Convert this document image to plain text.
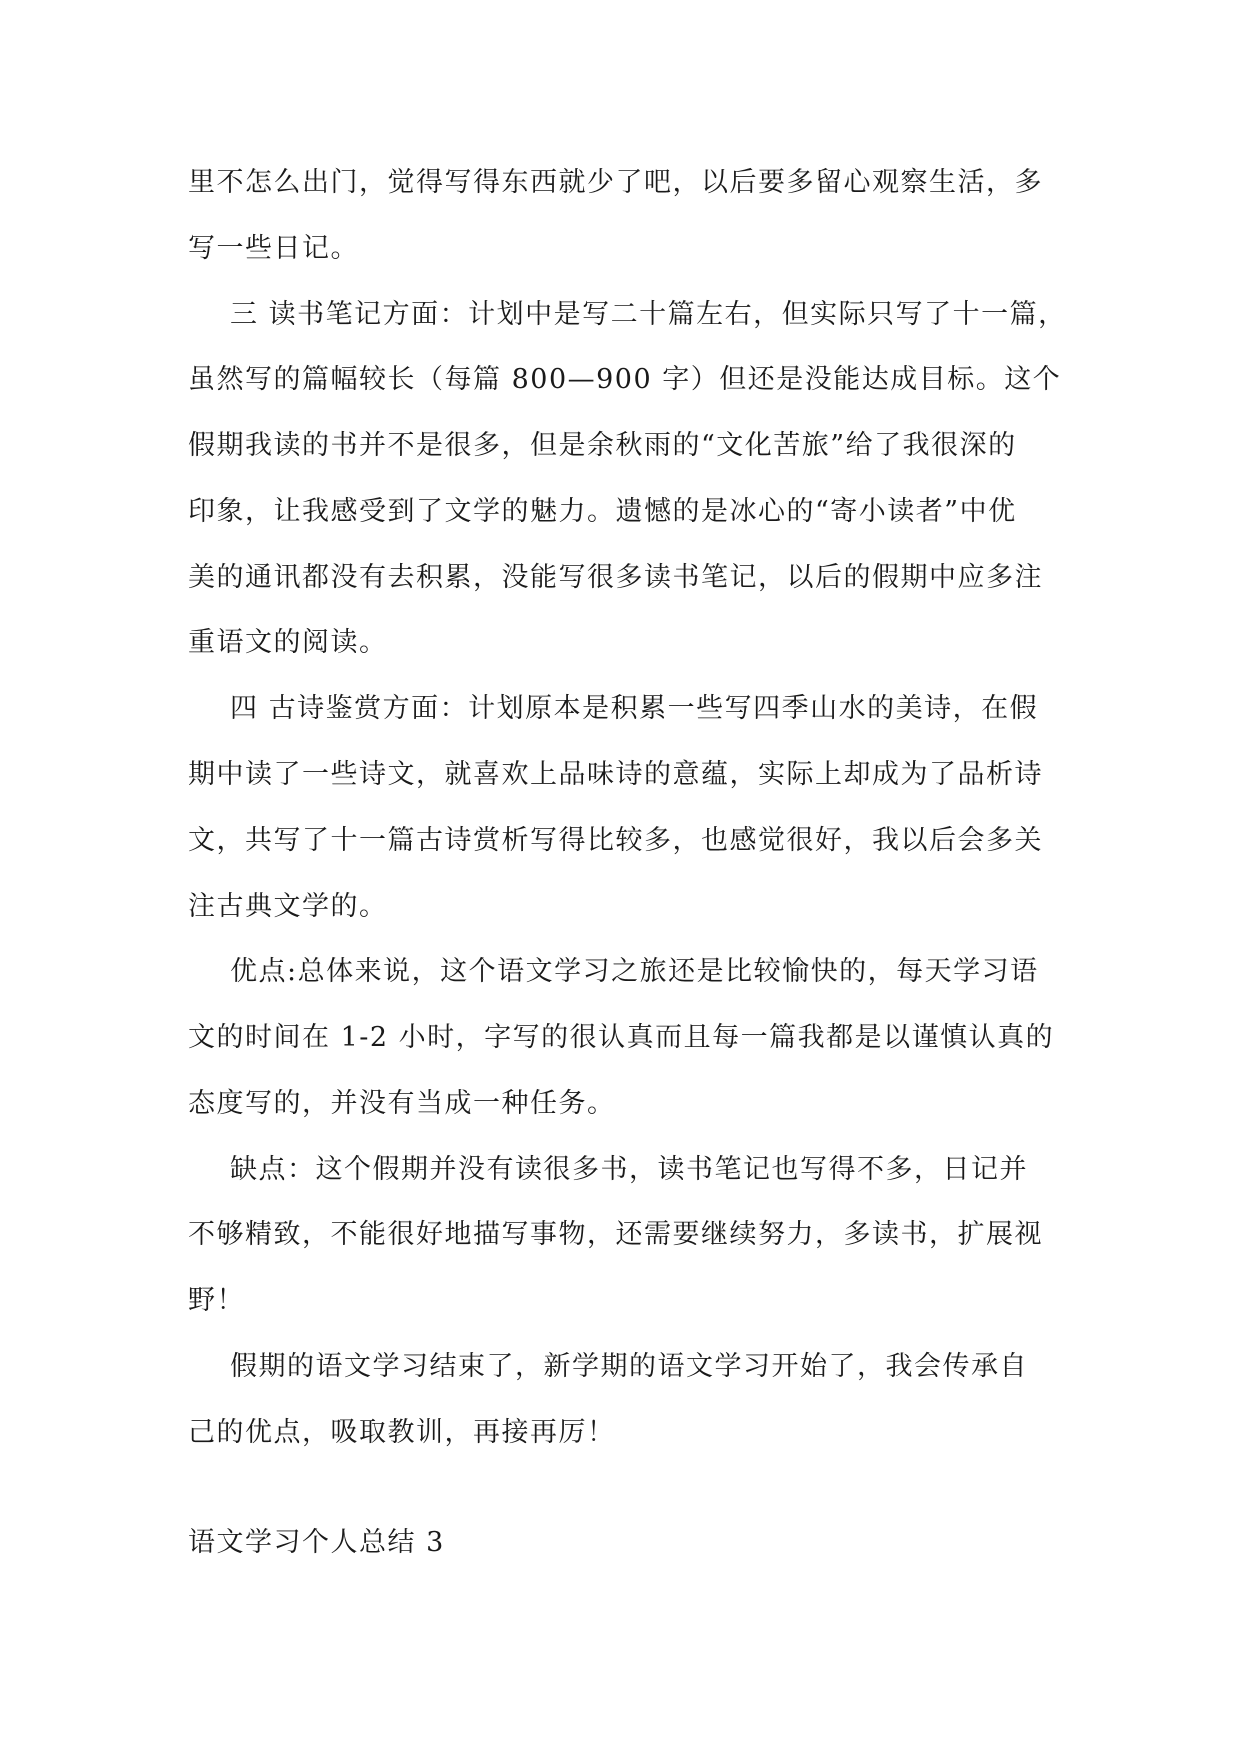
里不怎么出门，觉得写得东西就少了吧，以后要多留心观察生活，多
写一些日记。
三 读书笔记方面：计划中是写二十篇左右，但实际只写了十一篇，
虽然写的篇幅较长（每篇 800—900 字）但还是没能达成目标。这个
假期我读的书并不是很多，但是余秋雨的“文化苦旅”给了我很深的
印象，让我感受到了文学的魅力。遗憾的是冰心的“寄小读者”中优
美的通讯都没有去积累，没能写很多读书笔记，以后的假期中应多注
重语文的阅读。
四 古诗鉴赏方面：计划原本是积累一些写四季山水的美诗，在假
期中读了一些诗文，就喜欢上品味诗的意蕴，实际上却成为了品析诗
文，共写了十一篇古诗赏析写得比较多，也感觉很好，我以后会多关
注古典文学的。
优点:总体来说，这个语文学习之旅还是比较愉快的，每天学习语
文的时间在 1-2 小时，字写的很认真而且每一篇我都是以谨慎认真的
态度写的，并没有当成一种任务。
缺点：这个假期并没有读很多书，读书笔记也写得不多，日记并
不够精致，不能很好地描写事物，还需要继续努力，多读书，扩展视
野！
假期的语文学习结束了，新学期的语文学习开始了，我会传承自
己的优点，吸取教训，再接再厉！
语文学习个人总结 3
